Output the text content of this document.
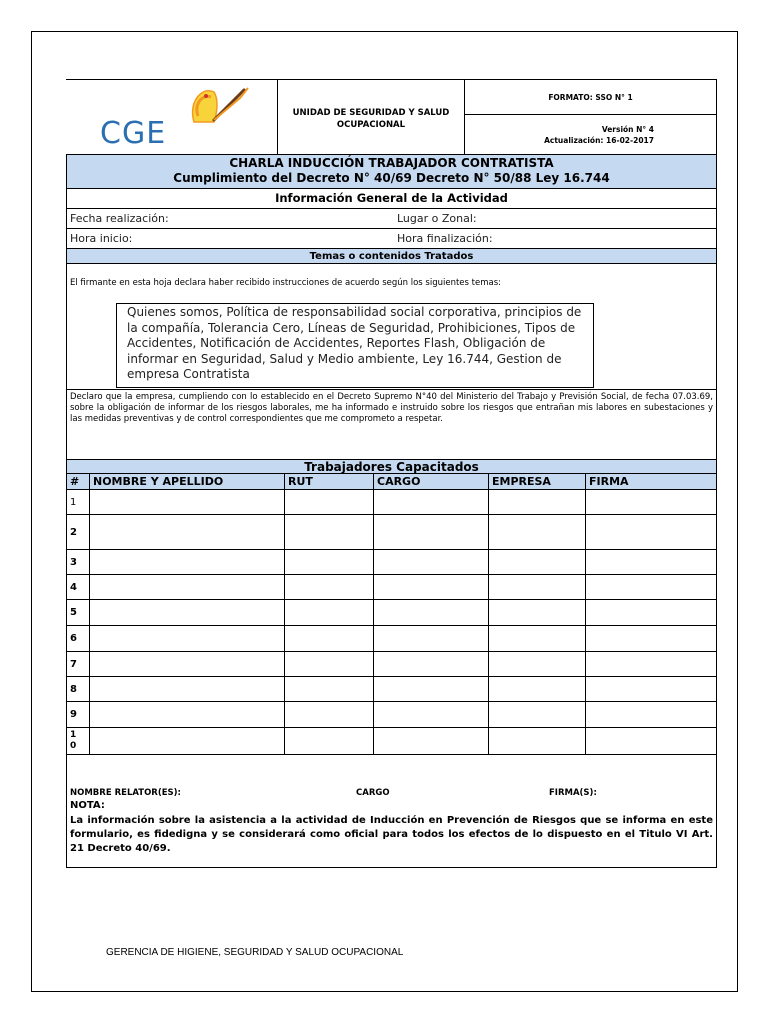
CGE
UNIDAD DE SEGURIDAD Y SALUD OCUPACIONAL
FORMATO: SSO N° 1
Versión N° 4
Actualización: 16-02-2017
CHARLA INDUCCIÓN TRABAJADOR CONTRATISTA
Cumplimiento del Decreto N° 40/69 Decreto N° 50/88 Ley 16.744
Información General de la Actividad
Fecha realización:	Lugar o Zonal:
Hora inicio:	Hora finalización:
Temas o contenidos Tratados
El firmante en esta hoja declara haber recibido instrucciones de acuerdo según los siguientes temas:
Quienes somos, Política de responsabilidad social corporativa, principios de la compañía, Tolerancia Cero, Líneas de Seguridad, Prohibiciones, Tipos de Accidentes, Notificación de Accidentes, Reportes Flash, Obligación de informar en Seguridad, Salud y Medio ambiente, Ley 16.744, Gestion de empresa Contratista
Declaro que la empresa, cumpliendo con lo establecido en el Decreto Supremo N°40 del Ministerio del Trabajo y Previsión Social, de fecha 07.03.69, sobre la obligación de informar de los riesgos laborales, me ha informado e instruido sobre los riesgos que entrañan mis labores en subestaciones y las medidas preventivas y de control correspondientes que me comprometo a respetar.
Trabajadores Capacitados
#	NOMBRE Y APELLIDO	RUT	CARGO	EMPRESA	FIRMA
1					
2					
3					
4					
5					
6					
7					
8					
9					
10					
NOMBRE RELATOR(ES):	CARGO	FIRMA(S):
NOTA:
La información sobre la asistencia a la actividad de Inducción en Prevención de Riesgos que se informa en este formulario, es fidedigna y se considerará como oficial para todos los efectos de lo dispuesto en el Titulo VI Art. 21 Decreto 40/69.
GERENCIA DE HIGIENE, SEGURIDAD Y SALUD OCUPACIONAL
